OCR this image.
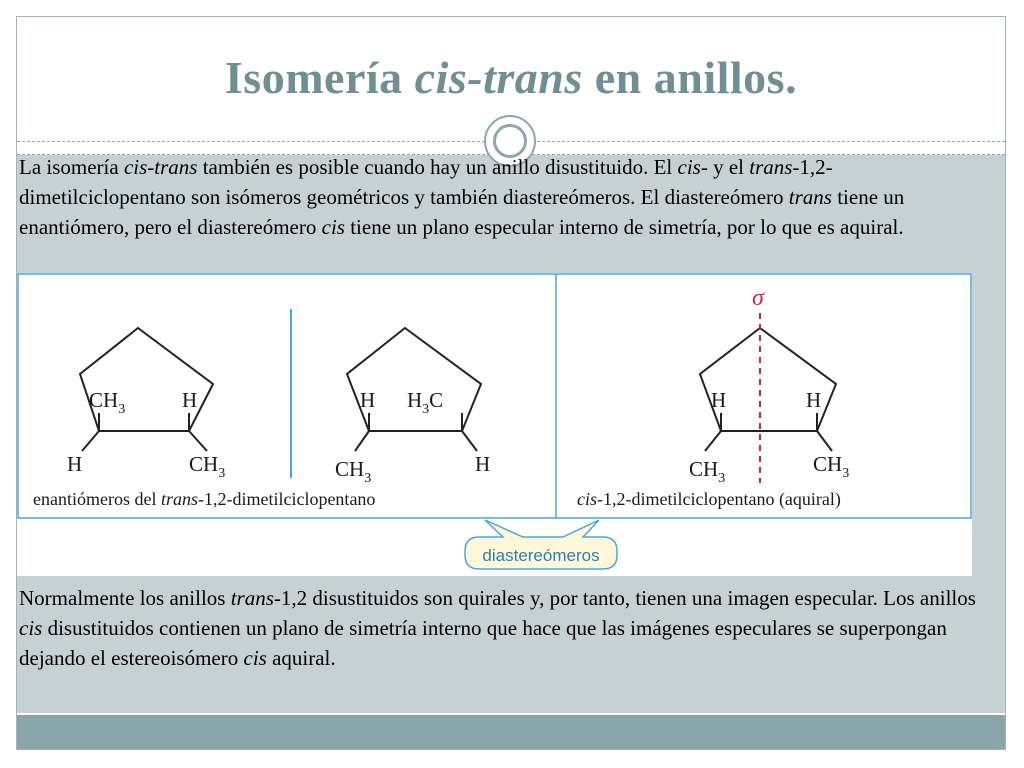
Isomería cis-trans en anillos.
La isomería cis-trans también es posible cuando hay un anillo disustituido. El cis- y el trans-1,2-dimetilciclopentano son isómeros geométricos y también diastereómeros. El diastereómero trans tiene un enantiómero, pero el diastereómero cis tiene un plano especular interno de simetría, por lo que es aquiral.
$CH_3$	H
H	$CH_3$
H $H_3C$
$CH_3$
H
σ
H	H
$CH_3$
$CH_3$
enantiómeros del trans-1,2-dimetilciclopentano	cis-1,2-dimetilciclopentano (aquiral)
diastereómeros
Normalmente los anillos trans-1,2 disustituidos son quirales y, por tanto, tienen una imagen especular. Los anillos cis disustituidos contienen un plano de simetría interno que hace que las imágenes especulares se superpongan dejando el estereoisómero cis aquiral.
